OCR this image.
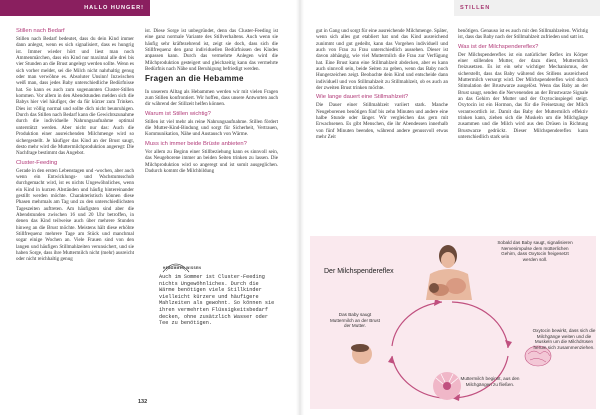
HALLO HUNGER!
Stillen nach Bedarf

Stillen nach Bedarf bedeutet, dass du dein Kind immer dann anlegst, wenn es sich signalisiert, dass es hungrig ist. Immer wieder hört und liest man noch Ammenmärchen, dass ein Kind nur maximal alle drei bis vier Stunden an die Brust angelegt werden sollte. Wenn es sich vorher meldet, sei die Milch nicht nahrhaltig genug oder man verwöhne es. Absoluter Unsinn! Inzwischen weiß man, dass jedes Baby unterschiedliche Bedürfnisse hat. So kann es auch zum sogenannten Cluster-Stillen kommen. Vor allem in den Abendstunden melden sich die Babys hier viel häufiger, der da für kürzer zum Trinken. Dies ist völlig normal und sollte dich nicht beunruhigen. Durch das Stillen nach Bedarf kann die Gewichtszunahme durch die individuelle Nahrungsaufnahme optimal unterstützt werden. Aber nicht nur das: Auch die Produktion einer ausreichenden Milchmenge wird so sichergestellt. Je häufiger das Kind an der Brust saugt, desto mehr wird die Muttermilchproduktion angeregt: Die Nachfrage bestimmt das Angebot.

Cluster-Feeding

Gerade in den ersten Lebenstagen und -wochen, aber auch wenn ein Entwicklungs- und Wachstumsschub durchgemacht wird, ist es nichts Ungewöhnliches, wenn ein Kind in kurzen Abständen und häufig hintereinander gestillt werden möchte. Charakteristisch können diese Phasen mehrmals am Tag und zu den unterschiedlichsten Tageszeiten auftreten. Am häufigsten sind aber die Abendstunden zwischen 16 und 20 Uhr betroffen, in denen das Kind teilweise auch über mehrere Stunden hinweg an die Brust möchte. Meistens hält diese erhöhte Stillfrequenz mehrere Tage am Stück und manchmal sogar einige Wochen an. Viele Frauen sind von den langen und häufigen Stillmahlzeiten verunsichert, und sie haben Sorge, dass ihre Muttermilch nicht (mehr) ausreicht oder nicht reichhaltig genug

ist. Diese Sorge ist unbegründet, denn das Cluster-Feeding ist eine ganz normale Variante des Stillverhaltens. Auch wenn sie häufig sehr kräftezehrend ist, zeigt sie doch, dass sich die Stillfrequenz den ganz individuellen Bedürfnissen des Kindes anpassen kann. Durch das vermehrte Anlegen wird die Milchproduktion gesteigert und gleichzeitig kann das vermehrte Bedürfnis nach Nähe und Beruhigung befriedigt werden.

Fragen an die Hebamme

In unserem Alltag als Hebammen werden wir mit vielen Fragen zum Stillen konfrontiert. Wir hoffen, dass unsere Antworten auch dir während der Stillzeit helfen können.

Warum ist Stillen wichtig?

Stillen ist viel mehr als reine Nahrungsaufnahme. Stillen fördert die Mutter-Kind-Bindung und sorgt für Sicherheit, Vertrauen, Kommunikation, Nähe und Austausch von Wärme.

Muss ich immer beide Brüste anbieten?

Vor allem zu Beginn einer Stillbeziehung kann es sinnvoll sein, das Neugeborene immer an beiden Seiten trinken zu lassen. Die Milchproduktion wird so angeregt und ist somit ausgeglichen. Dadurch kommt die Milchbildung

HEBAMMEN WISSEN
Auch im Sommer ist Cluster-Feeding nichts Ungewöhnliches. Durch die Wärme benötigen viele Stillkinder vielleicht kürzere und häufigere Mahlzeiten als gewohnt. So können sie ihren vermehrten Flüssigkeitsbedarf decken, ohne zusätzlich Wasser oder Tee zu benötigen.
132
STILLEN

gut in Gang und sorgt für eine ausreichende Milchmenge. Später, wenn sich alles gut etabliert hat und das Kind ausreichend zunimmt und gut gedeiht, kann das Vorgehen individuell und auch von Frau zu Frau unterschiedlich aussehen. Dieser ist davon abhängig, wie viel Muttermilch die Frau zur Verfügung hat. Eine Brust kann eine Stillmahlzeit abdecken, aber es kann auch sinnvoll sein, beide Seiten zu geben, wenn das Baby noch Hungerzeichen zeigt. Beobachte dein Kind und entscheide dann individuell und von Stillmahlzeit zu Stillmahlzeit, ob es auch an der zweiten Brust trinken möchte.

Wie lange dauert eine Stillmahlzeit?

Die Dauer einer Stillmahlzeit variiert stark. Manche Neugeborenen benötigen fünf bis zehn Minuten und andere eine halbe Stunde oder länger. Wir vergleichen das gern mit Erwachsenen. Es gibt Menschen, die ihr Abendessen innerhalb von fünf Minuten beenden, während andere genussvoll etwas mehr Zeit

benötigen. Genauso ist es auch mit den Stillmahlzeiten. Wichtig ist, dass das Baby nach der Stillmahlzeit zufrieden und satt ist.

Was ist der Milchspendereflex?

Der Milchspendereflex ist ein natürlicher Reflex im Körper einer stillenden Mutter, der dazu dient, Muttermilch freizusetzen. Es ist ein sehr wichtiger Mechanismus, der sicherstellt, dass das Baby während des Stillens ausreichend Muttermilch versorgt wird. Der Milchspendereflex wird durch Stimulation der Brustwarze ausgelöst. Wenn das Baby an der Brust saugt, senden die Nervenenden an der Brustwarze Signale an das Gehirn der Mutter und der Oxytocinspiegel steigt. Oxytocin ist ein Hormon, das für die Freisetzung der Milch verantwortlich ist. Damit das Baby der Muttermilch effektiv trinken kann, ziehen sich die Muskeln um die Milchgänge zusammen und die Milch wird aus den Drüsen in Richtung Brustwarze gedrückt. Dieser Milchspendereflex kann unterschiedlich stark sein

Der Milchspendereflex
Sobald das Baby saugt, signalisieren Nervenimpulse dem mütterlichen Gehirn, dass Oxytocin freigesetzt werden soll.
Oxytocin bewirkt, dass sich die Milchgänge weiten und die Muskeln um die Milchdrüsen herum sich zusammenziehen.
Muttermilch beginnt, aus den Milchgängen zu fließen.
Das Baby saugt Muttermilch an der Brust der Mutter.
